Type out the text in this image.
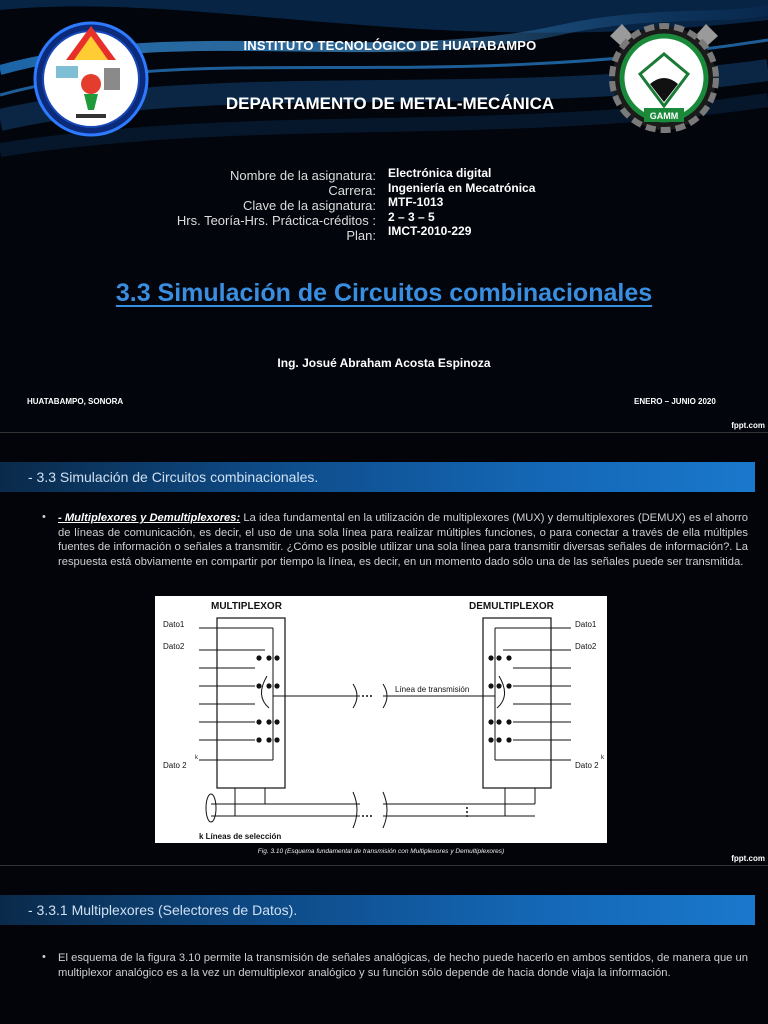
GAMM
INSTITUTO TECNOLÓGICO DE HUATABAMPO
DEPARTAMENTO DE METAL-MECÁNICA
Nombre de la asignatura:
Carrera:
Clave de la asignatura:
Hrs. Teoría-Hrs. Práctica-créditos :
Plan:
Electrónica digital
Ingeniería en Mecatrónica
MTF-1013
2 – 3 – 5
IMCT-2010-229
3.3 Simulación de Circuitos combinacionales
Ing. Josué Abraham Acosta Espinoza
HUATABAMPO, SONORA	ENERO – JUNIO 2020
fppt.com
- 3.3 Simulación de Circuitos combinacionales.
• - Multiplexores y Demultiplexores: La idea fundamental en la utilización de multiplexores (MUX) y demultiplexores (DEMUX) es el ahorro de líneas de comunicación, es decir, el uso de una sola línea para realizar múltiples funciones, o para conectar a través de ella múltiples fuentes de información o señales a transmitir. ¿Cómo es posible utilizar una sola línea para transmitir diversas señales de información?. La respuesta está obviamente en compartir por tiempo la línea, es decir, en un momento dado sólo una de las señales puede ser transmitida.
MULTIPLEXOR	DEMULTIPLEXOR
Dato1
Dato2
Dato 2
k
Dato1
Dato2
Dato 2
k
Línea de transmisión
k Líneas de selección
Fig. 3.10 (Esquema fundamental de transmisión con Multiplexores y Demultiplexores)
fppt.com
- 3.3.1 Multiplexores (Selectores de Datos).
• El esquema de la figura 3.10 permite la transmisión de señales analógicas, de hecho puede hacerlo en ambos sentidos, de manera que un multiplexor analógico es a la vez un demultiplexor analógico y su función sólo depende de hacia donde viaja la información.
